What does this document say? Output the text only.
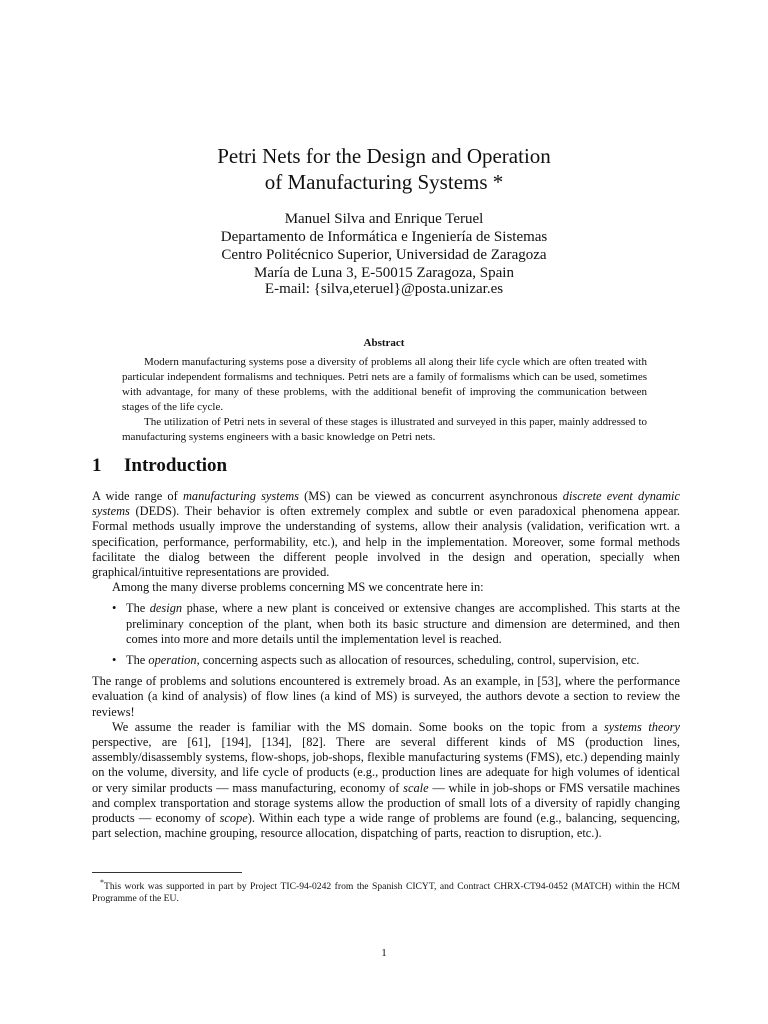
Petri Nets for the Design and Operation
of Manufacturing Systems *
Manuel Silva and Enrique Teruel
Departamento de Informática e Ingeniería de Sistemas
Centro Politécnico Superior, Universidad de Zaragoza
María de Luna 3, E-50015 Zaragoza, Spain
E-mail: {silva,eteruel}@posta.unizar.es
Abstract

Modern manufacturing systems pose a diversity of problems all along their life cycle which are often treated with particular independent formalisms and techniques. Petri nets are a family of formalisms which can be used, sometimes with advantage, for many of these problems, with the additional benefit of improving the communication between stages of the life cycle.

The utilization of Petri nets in several of these stages is illustrated and surveyed in this paper, mainly addressed to manufacturing systems engineers with a basic knowledge on Petri nets.

1 Introduction

A wide range of manufacturing systems (MS) can be viewed as concurrent asynchronous discrete event dynamic systems (DEDS). Their behavior is often extremely complex and subtle or even paradoxical phenomena appear. Formal methods usually improve the understanding of systems, allow their analysis (validation, verification wrt. a specification, performance, performability, etc.), and help in the implementation. Moreover, some formal methods facilitate the dialog between the different people involved in the design and operation, specially when graphical/intuitive representations are provided.

Among the many diverse problems concerning MS we concentrate here in:

• The design phase, where a new plant is conceived or extensive changes are accomplished. This starts at the preliminary conception of the plant, when both its basic structure and dimension are determined, and then comes into more and more details until the implementation level is reached.
• The operation, concerning aspects such as allocation of resources, scheduling, control, supervision, etc.

The range of problems and solutions encountered is extremely broad. As an example, in [53], where the performance evaluation (a kind of analysis) of flow lines (a kind of MS) is surveyed, the authors devote a section to review the reviews!

We assume the reader is familiar with the MS domain. Some books on the topic from a systems theory perspective, are [61], [194], [134], [82]. There are several different kinds of MS (production lines, assembly/disassembly systems, flow-shops, job-shops, flexible manufacturing systems (FMS), etc.) depending mainly on the volume, diversity, and life cycle of products (e.g., production lines are adequate for high volumes of identical or very similar products — mass manufacturing, economy of scale — while in job-shops or FMS versatile machines and complex transportation and storage systems allow the production of small lots of a diversity of rapidly changing products — economy of scope). Within each type a wide range of problems are found (e.g., balancing, sequencing, part selection, machine grouping, resource allocation, dispatching of parts, reaction to disruption, etc.).

*This work was supported in part by Project TIC-94-0242 from the Spanish CICYT, and Contract CHRX-CT94-0452 (MATCH) within the HCM Programme of the EU.

1
